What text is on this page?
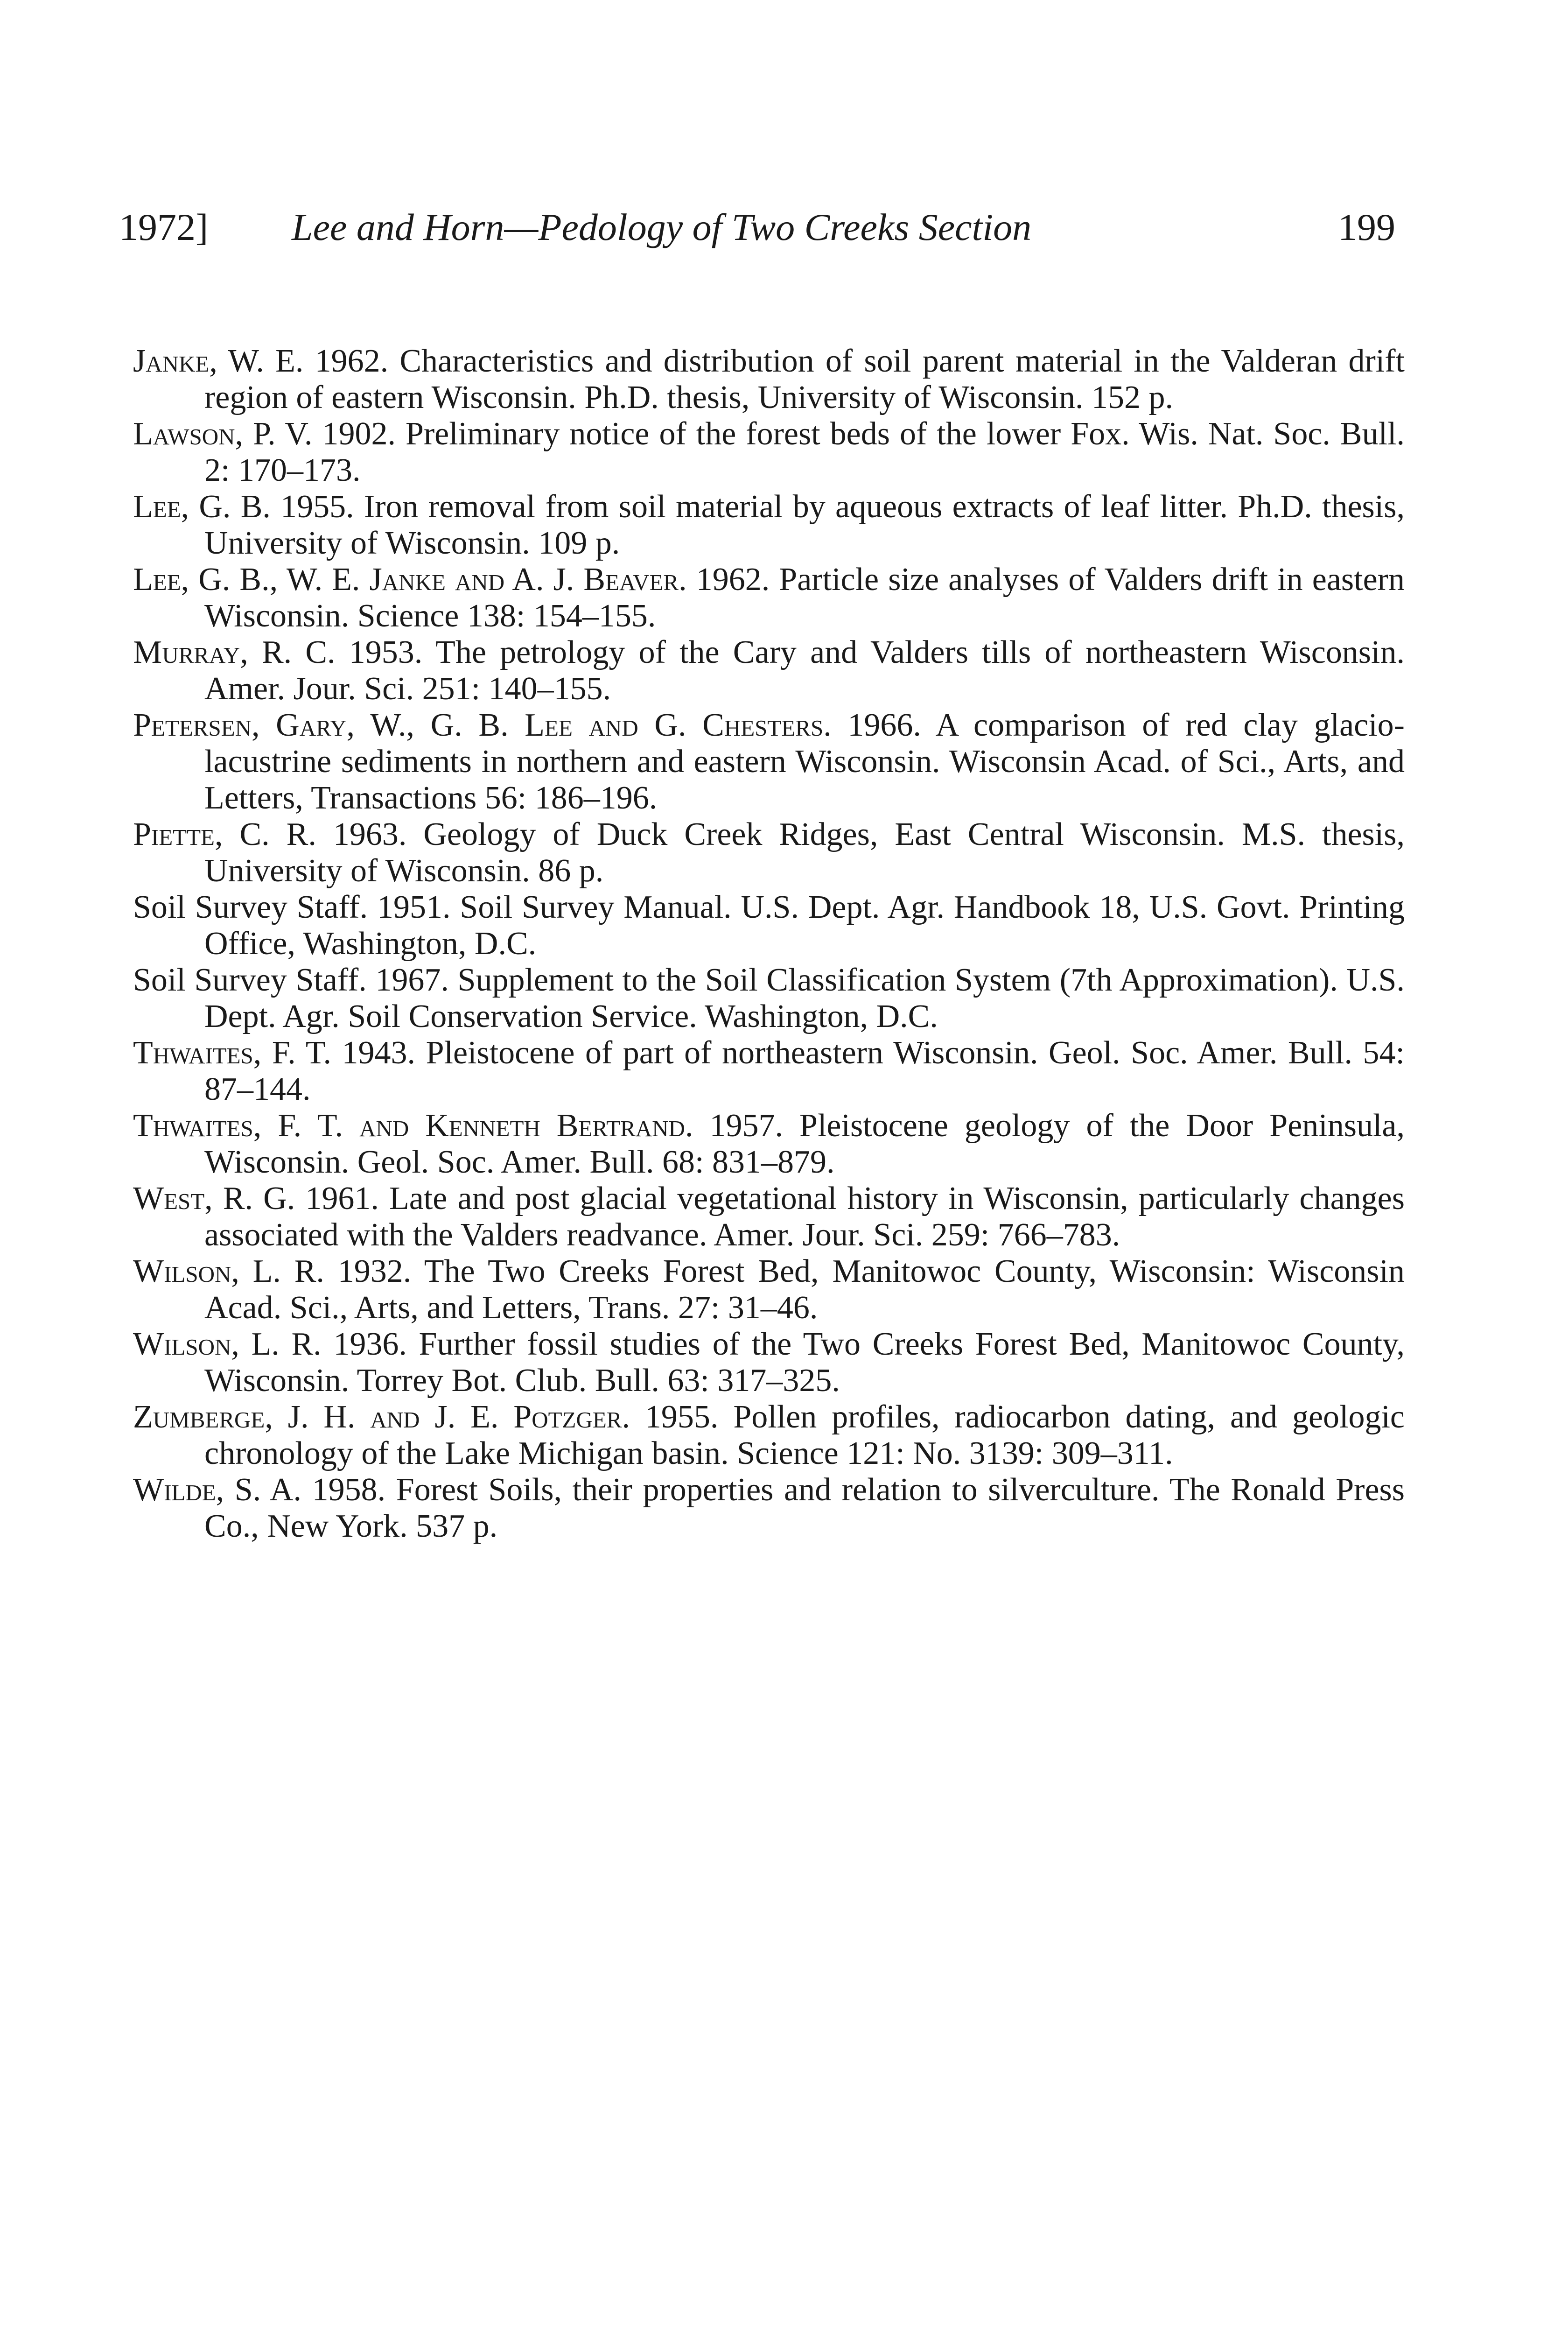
1972] Lee and Horn—Pedology of Two Creeks Section	199
Janke, W. E. 1962. Characteristics and distribution of soil parent material in the Valderan drift region of eastern Wisconsin. Ph.D. thesis, University of Wisconsin. 152 p.
Lawson, P. V. 1902. Preliminary notice of the forest beds of the lower Fox. Wis. Nat. Soc. Bull. 2: 170–173.
Lee, G. B. 1955. Iron removal from soil material by aqueous extracts of leaf litter. Ph.D. thesis, University of Wisconsin. 109 p.
Lee, G. B., W. E. Janke and A. J. Beaver. 1962. Particle size analyses of Valders drift in eastern Wisconsin. Science 138: 154–155.
Murray, R. C. 1953. The petrology of the Cary and Valders tills of northeastern Wisconsin. Amer. Jour. Sci. 251: 140–155.
Petersen, Gary, W., G. B. Lee and G. Chesters. 1966. A comparison of red clay glacio-lacustrine sediments in northern and eastern Wisconsin. Wisconsin Acad. of Sci., Arts, and Letters, Transactions 56: 186–196.
Piette, C. R. 1963. Geology of Duck Creek Ridges, East Central Wisconsin. M.S. thesis, University of Wisconsin. 86 p.
Soil Survey Staff. 1951. Soil Survey Manual. U.S. Dept. Agr. Handbook 18, U.S. Govt. Printing Office, Washington, D.C.
Soil Survey Staff. 1967. Supplement to the Soil Classification System (7th Approximation). U.S. Dept. Agr. Soil Conservation Service. Washington, D.C.
Thwaites, F. T. 1943. Pleistocene of part of northeastern Wisconsin. Geol. Soc. Amer. Bull. 54: 87–144.
Thwaites, F. T. and Kenneth Bertrand. 1957. Pleistocene geology of the Door Peninsula, Wisconsin. Geol. Soc. Amer. Bull. 68: 831–879.
West, R. G. 1961. Late and post glacial vegetational history in Wisconsin, particularly changes associated with the Valders readvance. Amer. Jour. Sci. 259: 766–783.
Wilson, L. R. 1932. The Two Creeks Forest Bed, Manitowoc County, Wisconsin: Wisconsin Acad. Sci., Arts, and Letters, Trans. 27: 31–46.
Wilson, L. R. 1936. Further fossil studies of the Two Creeks Forest Bed, Manitowoc County, Wisconsin. Torrey Bot. Club. Bull. 63: 317–325.
Zumberge, J. H. and J. E. Potzger. 1955. Pollen profiles, radiocarbon dating, and geologic chronology of the Lake Michigan basin. Science 121: No. 3139: 309–311.
Wilde, S. A. 1958. Forest Soils, their properties and relation to silverculture. The Ronald Press Co., New York. 537 p.
